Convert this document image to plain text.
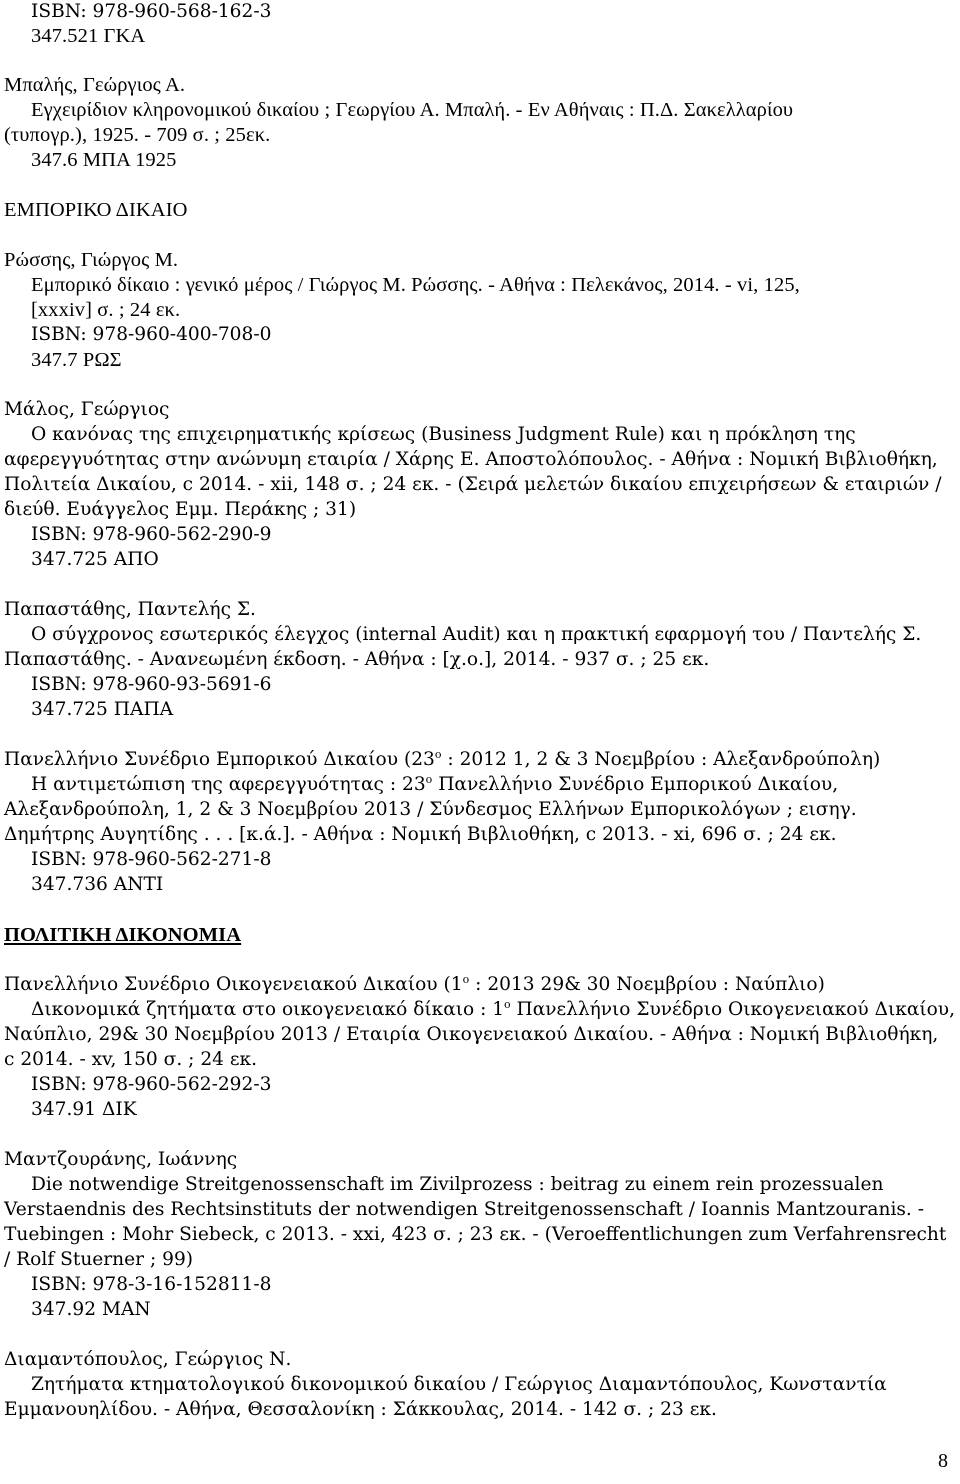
ISBN: 978-960-568-162-3
347.521 ΓΚΑ
Μπαλής, Γεώργιος Α.
Εγχειρίδιον κληρονομικού δικαίου ; Γεωργίου Α. Μπαλή. - Εν Αθήναις : Π.Δ. Σακελλαρίου
(τυπογρ.), 1925. - 709 σ. ; 25εκ.
347.6 ΜΠΑ 1925
ΕΜΠΟΡΙΚΟ ΔΙΚΑΙΟ
Ρώσσης, Γιώργος Μ.
Εμπορικό δίκαιο : γενικό μέρος / Γιώργος Μ. Ρώσσης. - Αθήνα : Πελεκάνος, 2014. - vi, 125,
[xxxiv] σ. ; 24 εκ.
ISBN: 978-960-400-708-0
347.7 ΡΩΣ
Μάλος, Γεώργιος
Ο κανόνας της επιχειρηματικής κρίσεως (Business Judgment Rule) και η πρόκληση της
αφερεγγυότητας στην ανώνυμη εταιρία / Χάρης Ε. Αποστολόπουλος. - Αθήνα : Νομική Βιβλιοθήκη,
Πολιτεία Δικαίου, c 2014. - xii, 148 σ. ; 24 εκ. - (Σειρά μελετών δικαίου επιχειρήσεων & εταιριών /
διεύθ. Ευάγγελος Εμμ. Περάκης ; 31)
ISBN: 978-960-562-290-9
347.725 ΑΠΟ
Παπαστάθης, Παντελής Σ.
Ο σύγχρονος εσωτερικός έλεγχος (internal Audit) και η πρακτική εφαρμογή του / Παντελής Σ.
Παπαστάθης. - Ανανεωμένη έκδοση. - Αθήνα : [χ.ο.], 2014. - 937 σ. ; 25 εκ.
ISBN: 978-960-93-5691-6
347.725 ΠΑΠΑ
Πανελλήνιο Συνέδριο Εμπορικού Δικαίου ($23^o$ : 2012 1, 2 & 3 Νοεμβρίου : Αλεξανδρούπολη)
Η αντιμετώπιση της αφερεγγυότητας : $23^o$ Πανελλήνιο Συνέδριο Εμπορικού Δικαίου,
Αλεξανδρούπολη, 1, 2 & 3 Νοεμβρίου 2013 / Σύνδεσμος Ελλήνων Εμπορικολόγων ; εισηγ.
Δημήτρης Αυγητίδης . . . [κ.ά.]. - Αθήνα : Νομική Βιβλιοθήκη, c 2013. - xi, 696 σ. ; 24 εκ.
ISBN: 978-960-562-271-8
347.736 ΑΝΤΙ
ΠΟΛΙΤΙΚΗ ΔΙΚΟΝΟΜΙΑ
Πανελλήνιο Συνέδριο Οικογενειακού Δικαίου ($1^o$ : 2013 29& 30 Νοεμβρίου : Ναύπλιο)
Δικονομικά ζητήματα στο οικογενειακό δίκαιο : $1^o$ Πανελλήνιο Συνέδριο Οικογενειακού Δικαίου,
Ναύπλιο, 29& 30 Νοεμβρίου 2013 / Εταιρία Οικογενειακού Δικαίου. - Αθήνα : Νομική Βιβλιοθήκη,
c 2014. - xv, 150 σ. ; 24 εκ.
ISBN: 978-960-562-292-3
347.91 ΔΙΚ
Μαντζουράνης, Ιωάννης
Die notwendige Streitgenossenschaft im Zivilprozess : beitrag zu einem rein prozessualen
Verstaendnis des Rechtsinstituts der notwendigen Streitgenossenschaft / Ioannis Mantzouranis. -
Tuebingen : Mohr Siebeck, c 2013. - xxi, 423 σ. ; 23 εκ. - (Veroeffentlichungen zum Verfahrensrecht
/ Rolf Stuerner ; 99)
ISBN: 978-3-16-152811-8
347.92 ΜΑΝ
Διαμαντόπουλος, Γεώργιος Ν.
Ζητήματα κτηματολογικού δικονομικού δικαίου / Γεώργιος Διαμαντόπουλος, Κωνσταντία
Εμμανουηλίδου. - Αθήνα, Θεσσαλονίκη : Σάκκουλας, 2014. - 142 σ. ; 23 εκ.
8
